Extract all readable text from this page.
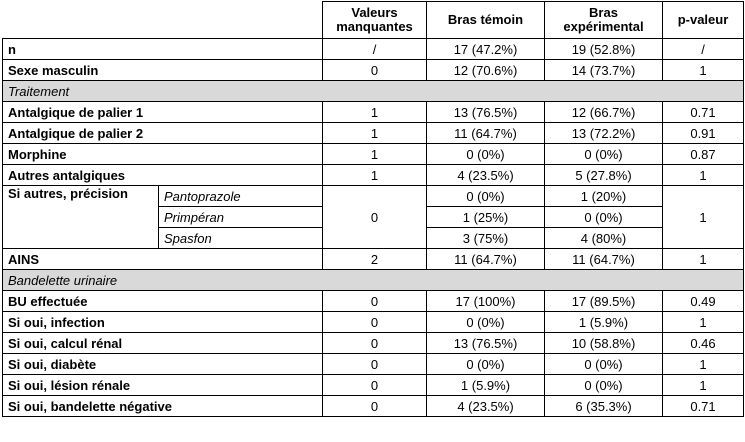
		Valeurs manquantes	Bras témoin	Bras expérimental	p-valeur
n		/	17 (47.2%)	19 (52.8%)	/
Sexe masculin		0	12 (70.6%)	14 (73.7%)	1
Traitement					
Antalgique de palier 1		1	13 (76.5%)	12 (66.7%)	0.71
Antalgique de palier 2		1	11 (64.7%)	13 (72.2%)	0.91
Morphine		1	0 (0%)	0 (0%)	0.87
Autres antalgiques		1	4 (23.5%)	5 (27.8%)	1
Si autres, précision	Pantoprazole	0	0 (0%)	1 (20%)	1
	Primpéran		1 (25%)	0 (0%)	
	Spasfon		3 (75%)	4 (80%)	
AINS		2	11 (64.7%)	11 (64.7%)	1
Bandelette urinaire					
BU effectuée		0	17 (100%)	17 (89.5%)	0.49
Si oui, infection		0	0 (0%)	1 (5.9%)	1
Si oui, calcul rénal		0	13 (76.5%)	10 (58.8%)	0.46
Si oui, diabète		0	0 (0%)	0 (0%)	1
Si oui, lésion rénale		0	1 (5.9%)	0 (0%)	1
Si oui, bandelette négative		0	4 (23.5%)	6 (35.3%)	0.71
